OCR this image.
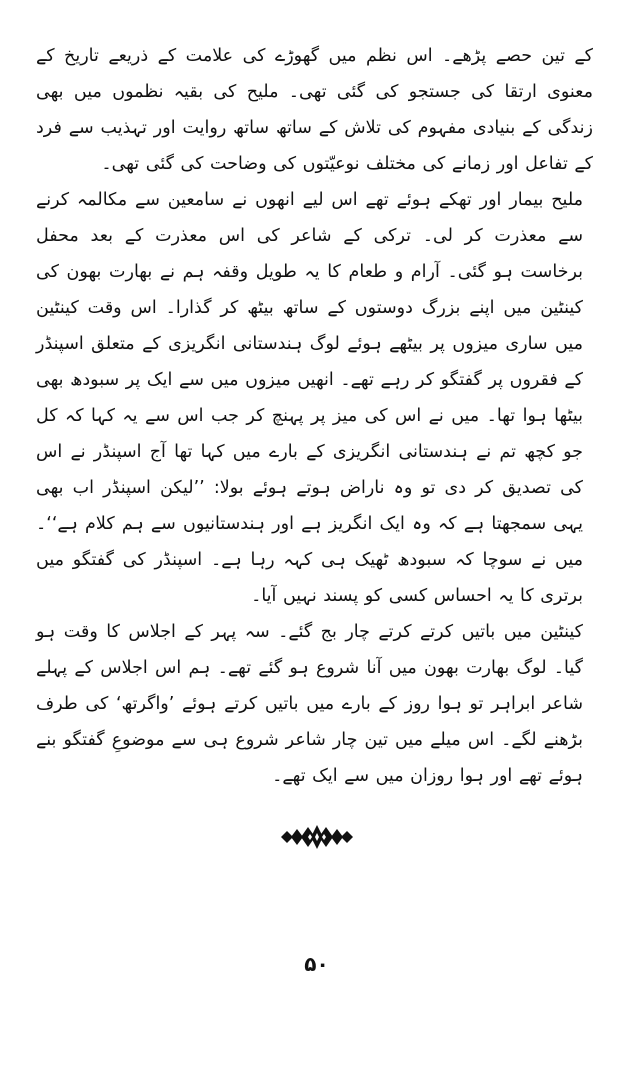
کے تین حصے پڑھے۔ اس نظم میں گھوڑے کی علامت کے ذریعے تاریخ کے معنوی ارتقا کی جستجو کی گئی تھی۔ ملیح کی بقیہ نظموں میں بھی زندگی کے بنیادی مفہوم کی تلاش کے ساتھ ساتھ روایت اور تہذیب سے فرد کے تفاعل اور زمانے کی مختلف نوعیّتوں کی وضاحت کی گئی تھی۔

ملیح بیمار اور تھکے ہوئے تھے اس لیے انھوں نے سامعین سے مکالمہ کرنے سے معذرت کر لی۔ ترکی کے شاعر کی اس معذرت کے بعد محفل برخاست ہو گئی۔ آرام و طعام کا یہ طویل وقفہ ہم نے بھارت بھون کی کینٹین میں اپنے بزرگ دوستوں کے ساتھ بیٹھ کر گذارا۔ اس وقت کینٹین میں ساری میزوں پر بیٹھے ہوئے لوگ ہندستانی انگریزی کے متعلق اسپنڈر کے فقروں پر گفتگو کر رہے تھے۔ انھیں میزوں میں سے ایک پر سبودھ بھی بیٹھا ہوا تھا۔ میں نے اس کی میز پر پہنچ کر جب اس سے یہ کہا کہ کل جو کچھ تم نے ہندستانی انگریزی کے بارے میں کہا تھا آج اسپنڈر نے اس کی تصدیق کر دی تو وہ ناراض ہوتے ہوئے بولا: ’’لیکن اسپنڈر اب بھی یہی سمجھتا ہے کہ وہ ایک انگریز ہے اور ہندستانیوں سے ہم کلام ہے‘‘۔ میں نے سوچا کہ سبودھ ٹھیک ہی کہہ رہا ہے۔ اسپنڈر کی گفتگو میں برتری کا یہ احساس کسی کو پسند نہیں آیا۔

کینٹین میں باتیں کرتے کرتے چار بج گئے۔ سہ پہر کے اجلاس کا وقت ہو گیا۔ لوگ بھارت بھون میں آنا شروع ہو گئے تھے۔ ہم اس اجلاس کے پہلے شاعر ابراہر تو ہوا روز کے بارے میں باتیں کرتے ہوئے ’واگرتھ‘ کی طرف بڑھنے لگے۔ اس میلے میں تین چار شاعر شروع ہی سے موضوعِ گفتگو بنے ہوئے تھے اور ہوا روزان میں سے ایک تھے۔

۵۰
